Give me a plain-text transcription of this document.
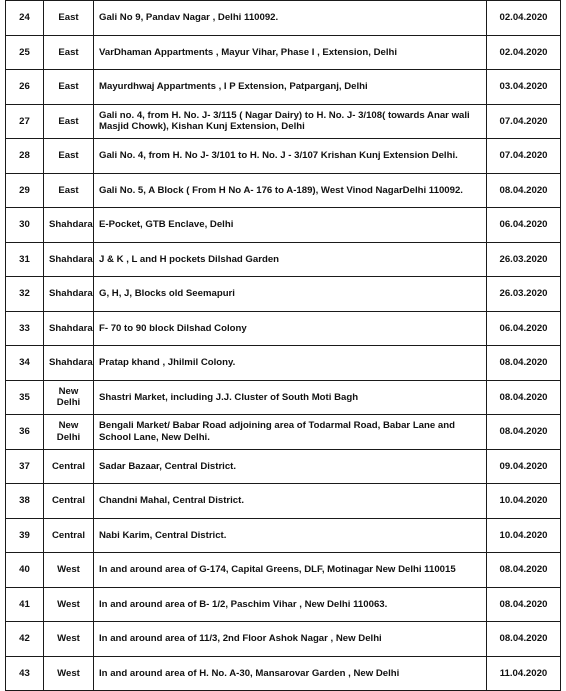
24	East	Gali No 9, Pandav Nagar , Delhi 110092.	02.04.2020
25	East	VarDhaman Appartments , Mayur Vihar, Phase I , Extension, Delhi	02.04.2020
26	East	Mayurdhwaj Appartments , I P Extension, Patparganj, Delhi	03.04.2020
27	East	Gali no. 4, from H. No. J- 3/115 ( Nagar Dairy) to H. No. J- 3/108( towards Anar wali Masjid Chowk), Kishan Kunj Extension, Delhi	07.04.2020
28	East	Gali No. 4, from H. No J- 3/101 to H. No. J - 3/107 Krishan Kunj Extension Delhi.	07.04.2020
29	East	Gali No. 5, A Block ( From H No A- 176 to A-189), West Vinod NagarDelhi 110092.	08.04.2020
30	Shahdara	E-Pocket, GTB Enclave, Delhi	06.04.2020
31	Shahdara	J & K , L and H pockets Dilshad Garden	26.03.2020
32	Shahdara	G, H, J, Blocks old Seemapuri	26.03.2020
33	Shahdara	F- 70 to 90 block Dilshad Colony	06.04.2020
34	Shahdara	Pratap khand , Jhilmil Colony.	08.04.2020
35	New Delhi	Shastri Market, including J.J. Cluster of South Moti Bagh	08.04.2020
36	New Delhi	Bengali Market/ Babar Road adjoining area of Todarmal Road, Babar Lane and School Lane, New Delhi.	08.04.2020
37	Central	Sadar Bazaar, Central District.	09.04.2020
38	Central	Chandni Mahal, Central District.	10.04.2020
39	Central	Nabi Karim, Central District.	10.04.2020
40	West	In and around area of G-174, Capital Greens, DLF, Motinagar New Delhi 110015	08.04.2020
41	West	In and around area of B- 1/2, Paschim Vihar , New Delhi 110063.	08.04.2020
42	West	In and around area of 11/3, 2nd Floor Ashok Nagar , New Delhi	08.04.2020
43	West	In and around area of H. No. A-30, Mansarovar Garden , New Delhi	11.04.2020
